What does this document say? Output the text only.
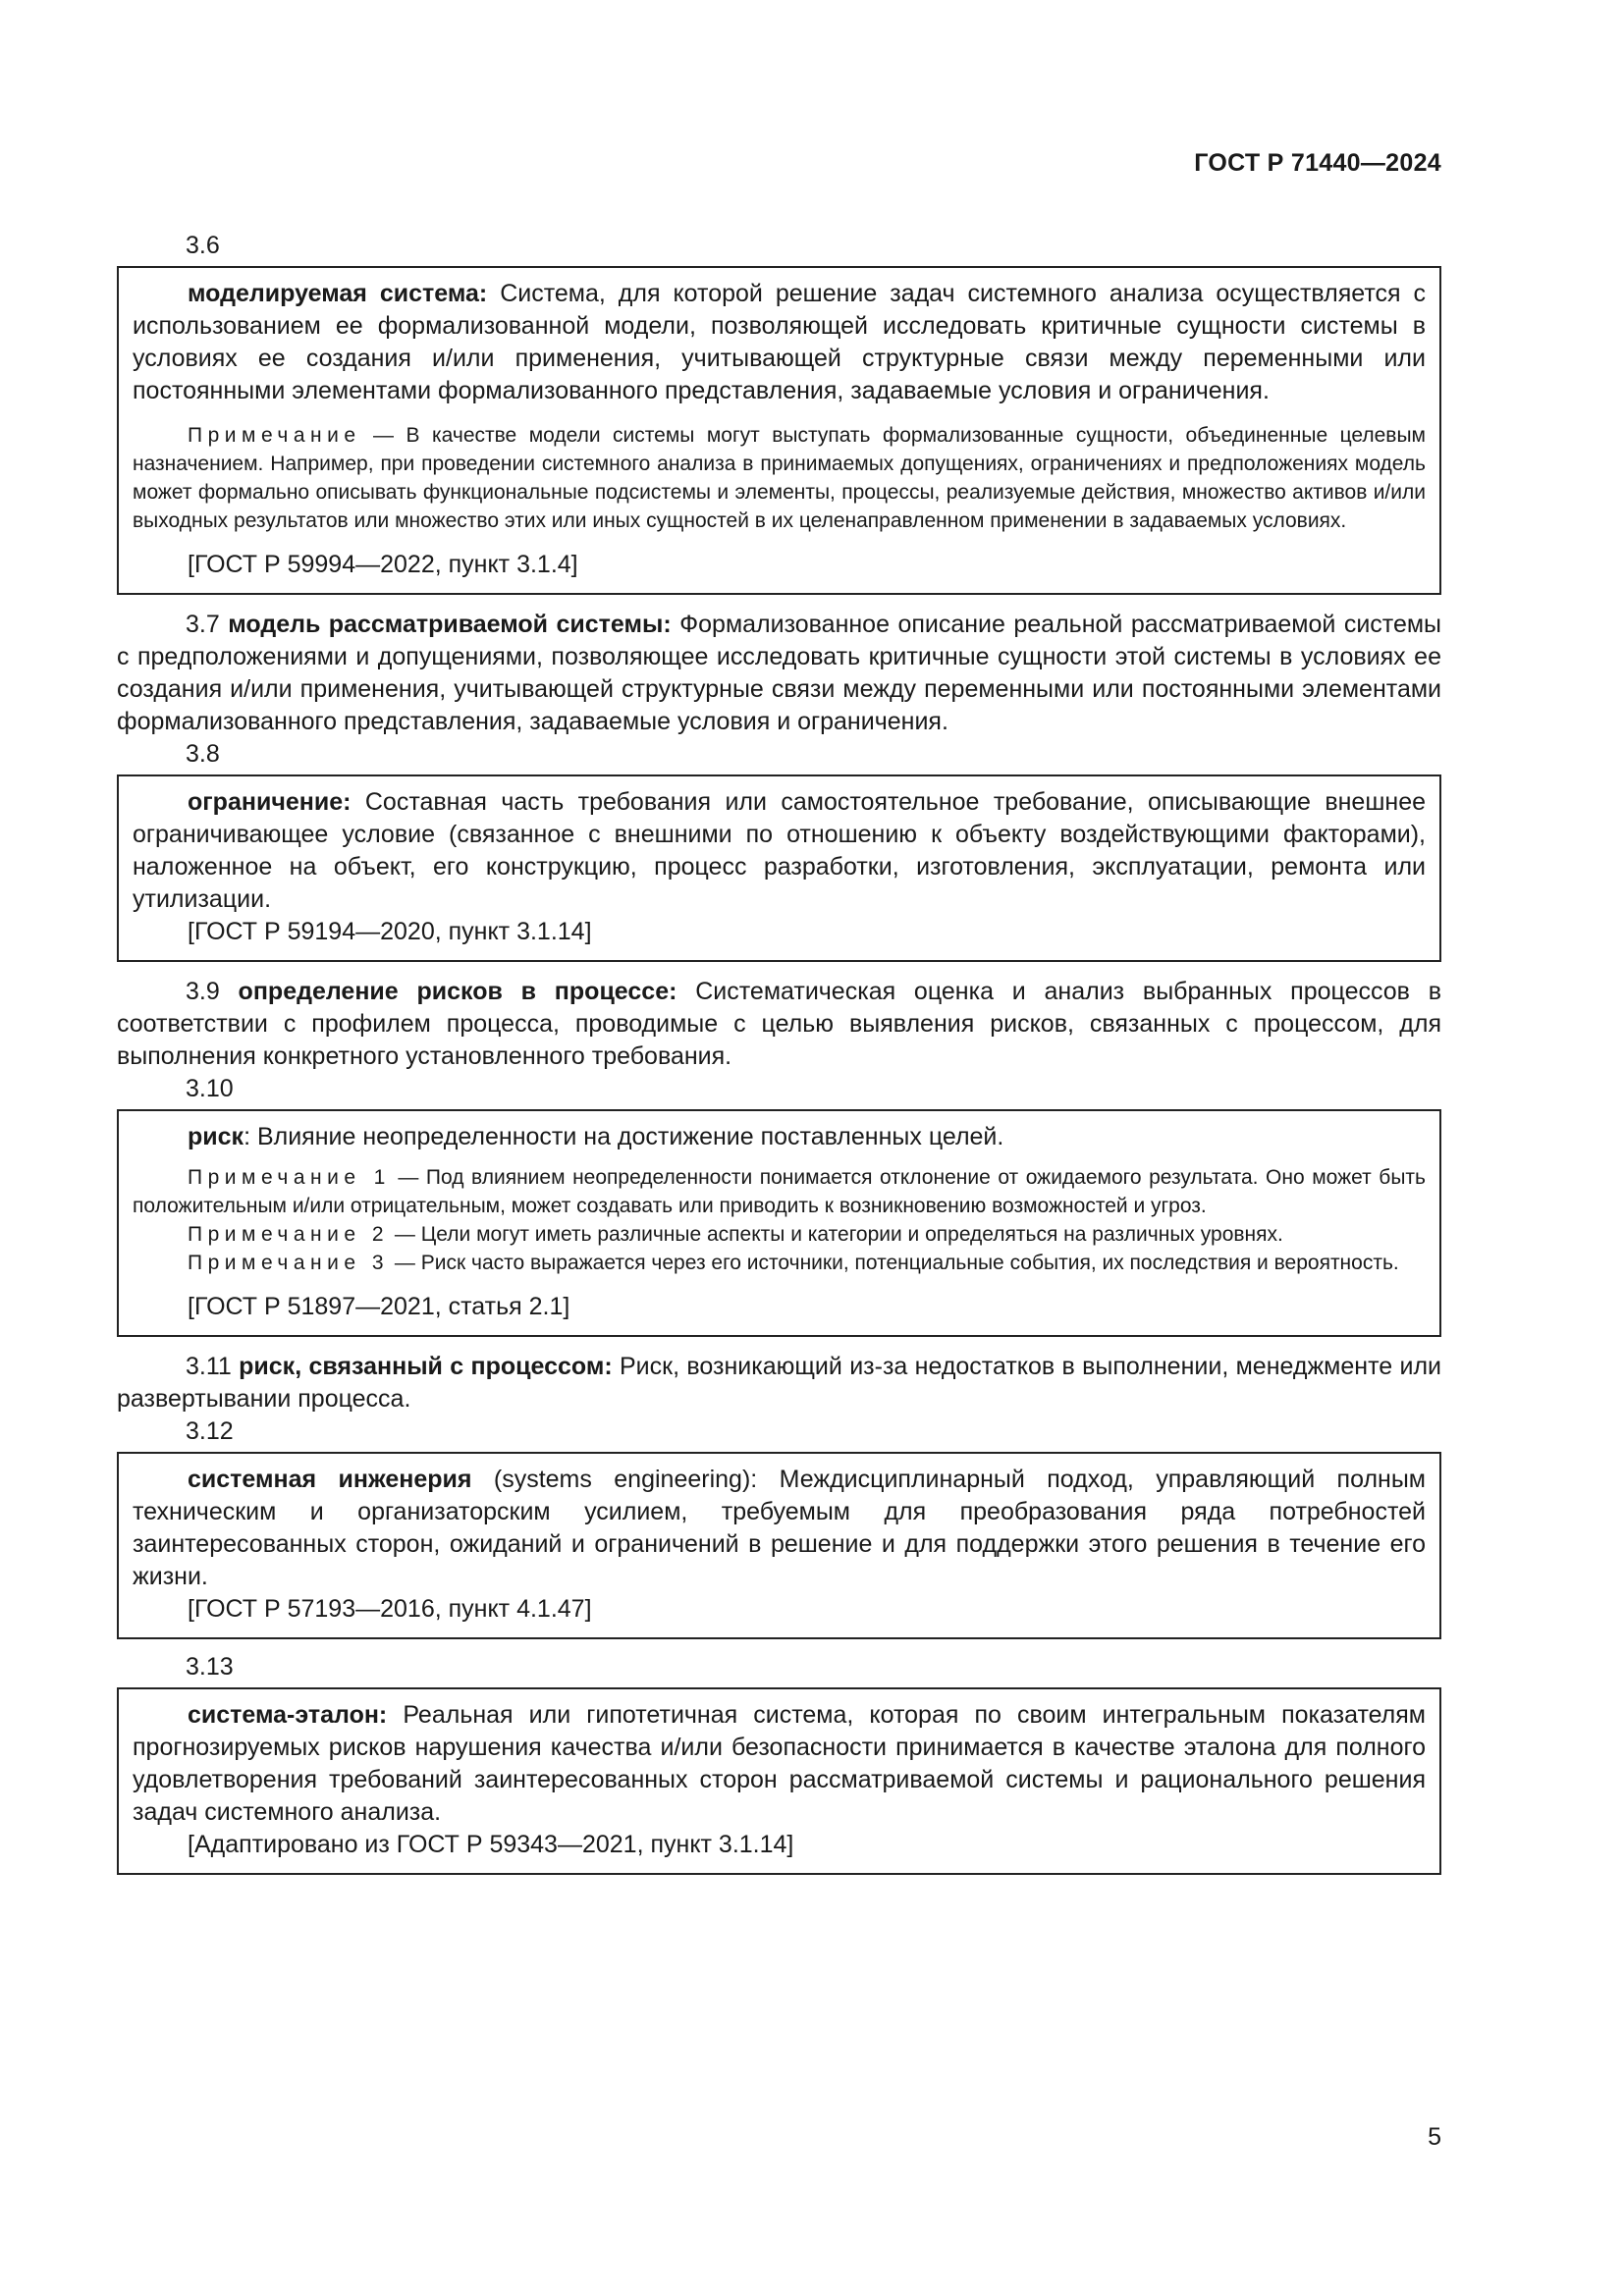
ГОСТ Р 71440—2024
3.6

моделируемая система: Система, для которой решение задач системного анализа осуществляется с использованием ее формализованной модели, позволяющей исследовать критичные сущности системы в условиях ее создания и/или применения, учитывающей структурные связи между переменными или постоянными элементами формализованного представления, задаваемые условия и ограничения.

Примечание — В качестве модели системы могут выступать формализованные сущности, объединенные целевым назначением. Например, при проведении системного анализа в принимаемых допущениях, ограничениях и предположениях модель может формально описывать функциональные подсистемы и элементы, процессы, реализуемые действия, множество активов и/или выходных результатов или множество этих или иных сущностей в их целенаправленном применении в задаваемых условиях.

[ГОСТ Р 59994—2022, пункт 3.1.4]

3.7 модель рассматриваемой системы: Формализованное описание реальной рассматриваемой системы с предположениями и допущениями, позволяющее исследовать критичные сущности этой системы в условиях ее создания и/или применения, учитывающей структурные связи между переменными или постоянными элементами формализованного представления, задаваемые условия и ограничения.

3.8

ограничение: Составная часть требования или самостоятельное требование, описывающие внешнее ограничивающее условие (связанное с внешними по отношению к объекту воздействующими факторами), наложенное на объект, его конструкцию, процесс разработки, изготовления, эксплуатации, ремонта или утилизации.

[ГОСТ Р 59194—2020, пункт 3.1.14]

3.9 определение рисков в процессе: Систематическая оценка и анализ выбранных процессов в соответствии с профилем процесса, проводимые с целью выявления рисков, связанных с процессом, для выполнения конкретного установленного требования.

3.10

риск: Влияние неопределенности на достижение поставленных целей.

Примечание 1 — Под влиянием неопределенности понимается отклонение от ожидаемого результата. Оно может быть положительным и/или отрицательным, может создавать или приводить к возникновению возможностей и угроз.

Примечание 2 — Цели могут иметь различные аспекты и категории и определяться на различных уровнях.

Примечание 3 — Риск часто выражается через его источники, потенциальные события, их последствия и вероятность.

[ГОСТ Р 51897—2021, статья 2.1]

3.11 риск, связанный с процессом: Риск, возникающий из-за недостатков в выполнении, менеджменте или развертывании процесса.

3.12

системная инженерия (systems engineering): Междисциплинарный подход, управляющий полным техническим и организаторским усилием, требуемым для преобразования ряда потребностей заинтересованных сторон, ожиданий и ограничений в решение и для поддержки этого решения в течение его жизни.

[ГОСТ Р 57193—2016, пункт 4.1.47]

3.13

система-эталон: Реальная или гипотетичная система, которая по своим интегральным показателям прогнозируемых рисков нарушения качества и/или безопасности принимается в качестве эталона для полного удовлетворения требований заинтересованных сторон рассматриваемой системы и рационального решения задач системного анализа.

[Адаптировано из ГОСТ Р 59343—2021, пункт 3.1.14]

5
